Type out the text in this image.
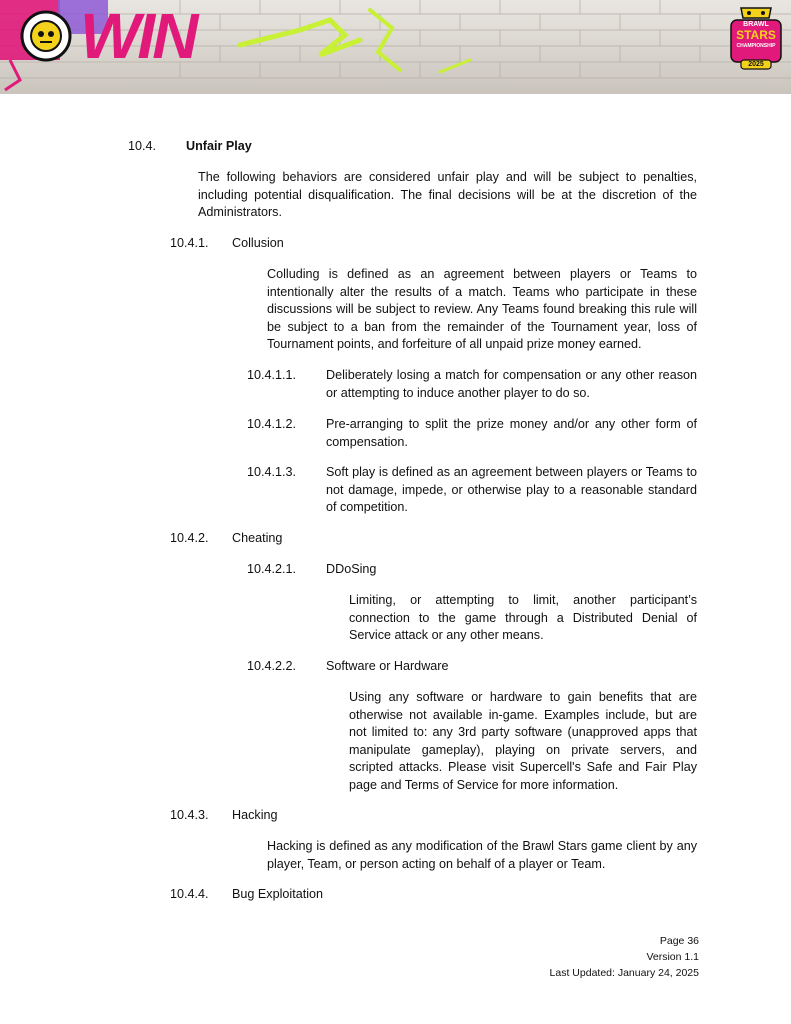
WIN	BRAWL
STARS
CHAMPIONSHIP
2025
10.4. Unfair Play

The following behaviors are considered unfair play and will be subject to penalties, including potential disqualification. The final decisions will be at the discretion of the Administrators.

10.4.1. Collusion

Colluding is defined as an agreement between players or Teams to intentionally alter the results of a match. Teams who participate in these discussions will be subject to review. Any Teams found breaking this rule will be subject to a ban from the remainder of the Tournament year, loss of Tournament points, and forfeiture of all unpaid prize money earned.

10.4.1.1. Deliberately losing a match for compensation or any other reason or attempting to induce another player to do so.

10.4.1.2. Pre-arranging to split the prize money and/or any other form of compensation.

10.4.1.3. Soft play is defined as an agreement between players or Teams to not damage, impede, or otherwise play to a reasonable standard of competition.

10.4.2. Cheating
10.4.2.1. DDoSing

Limiting, or attempting to limit, another participant’s connection to the game through a Distributed Denial of Service attack or any other means.

10.4.2.2. Software or Hardware

Using any software or hardware to gain benefits that are otherwise not available in-game. Examples include, but are not limited to: any 3rd party software (unapproved apps that manipulate gameplay), playing on private servers, and scripted attacks. Please visit Supercell's Safe and Fair Play page and Terms of Service for more information.

10.4.3. Hacking

Hacking is defined as any modification of the Brawl Stars game client by any player, Team, or person acting on behalf of a player or Team.

10.4.4. Bug Exploitation
Page 36
Version 1.1
Last Updated: January 24, 2025
